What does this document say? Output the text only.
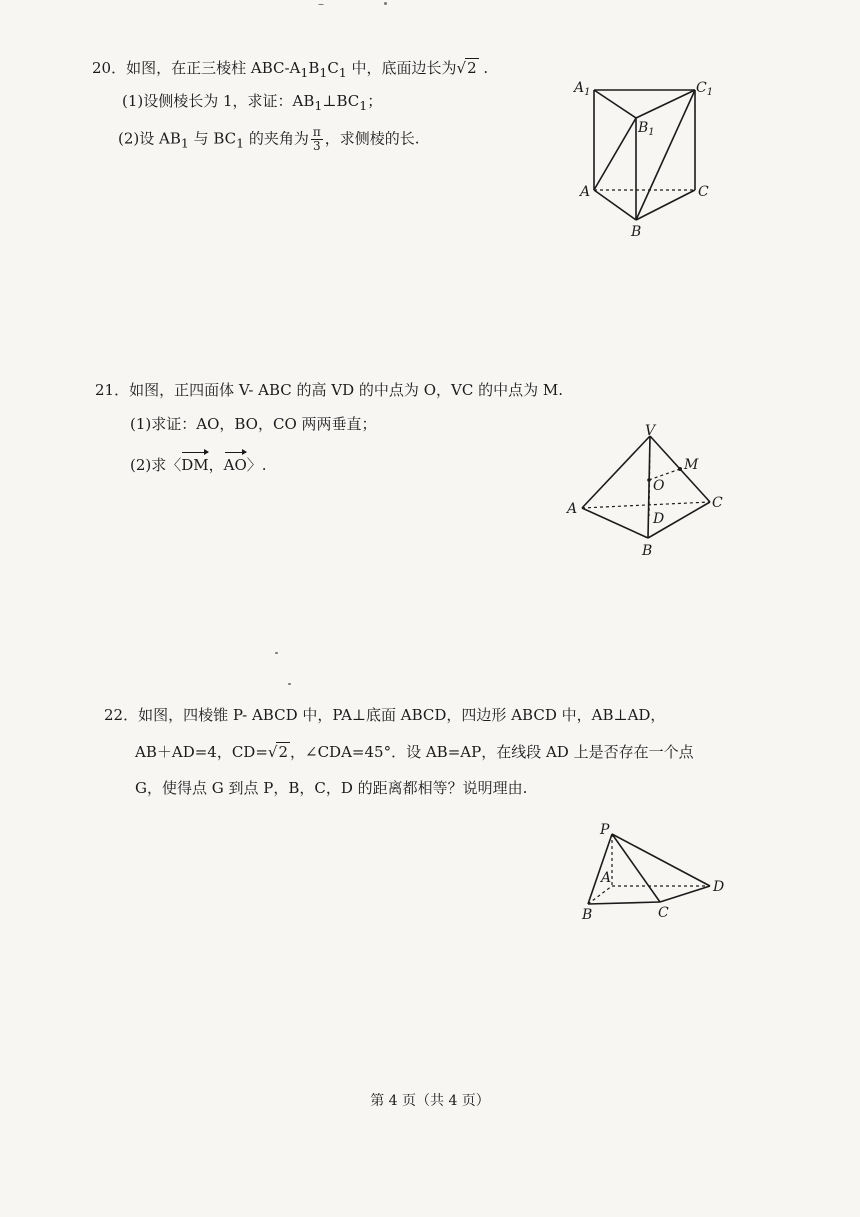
20．如图，在正三棱柱 ABC-$A_1B_1C_1$ 中，底面边长为√2 .
(1)设侧棱长为 1，求证：$AB_1\perp BC_1$；
(2)设 $AB_1$ 与 $BC_1$ 的夹角为 $\frac{\pi}{3}$ ，求侧棱的长.
$A_1$	$C_1$
$B_1$
A	C
B
21．如图，正四面体 V- ABC 的高 VD 的中点为 O，VC 的中点为 M.
(1)求证：AO，BO，CO 两两垂直；
(2)求〈DM，AO〉.
V
M
O
A	C
D
B
22．如图，四棱锥 P- ABCD 中，PA⊥底面 ABCD，四边形 ABCD 中，AB⊥AD，
AB＋AD=4，CD=√2 ，∠CDA=45°．设 AB=AP，在线段 AD 上是否存在一个点
G，使得点 G 到点 P，B，C，D 的距离都相等？说明理由.
P
A
D
B	C
第 4 页（共 4 页）
